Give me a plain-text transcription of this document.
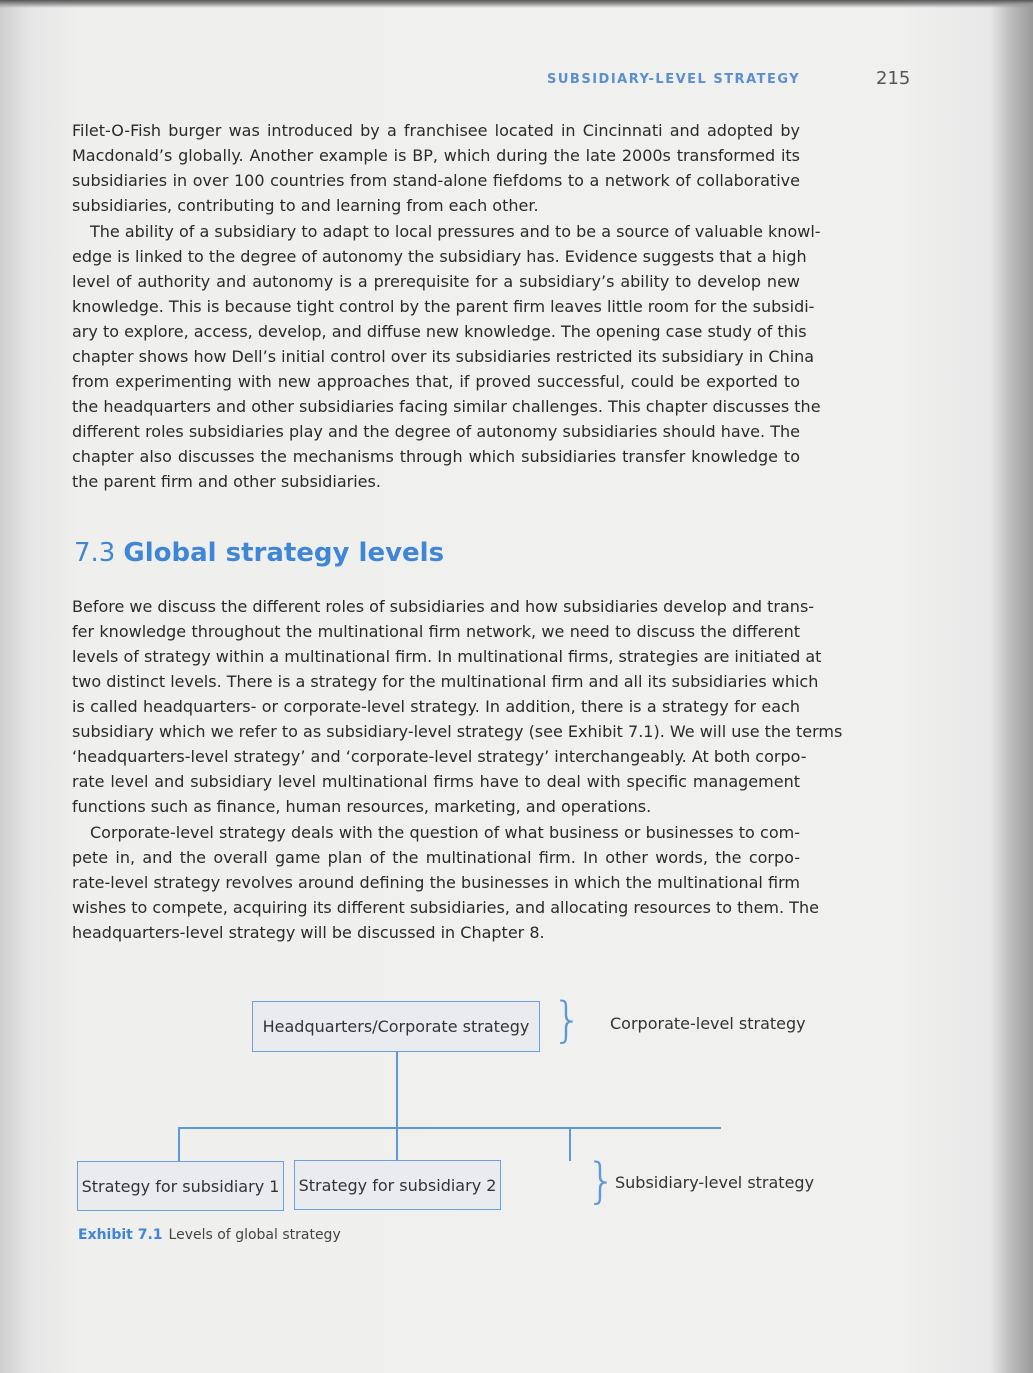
SUBSIDIARY-LEVEL STRATEGY	215
Filet-O-Fish burger was introduced by a franchisee located in Cincinnati and adopted by
Macdonald’s globally. Another example is BP, which during the late 2000s transformed its
subsidiaries in over 100 countries from stand-alone fiefdoms to a network of collaborative
subsidiaries, contributing to and learning from each other.
The ability of a subsidiary to adapt to local pressures and to be a source of valuable knowl-
edge is linked to the degree of autonomy the subsidiary has. Evidence suggests that a high
level of authority and autonomy is a prerequisite for a subsidiary’s ability to develop new
knowledge. This is because tight control by the parent firm leaves little room for the subsidi-
ary to explore, access, develop, and diffuse new knowledge. The opening case study of this
chapter shows how Dell’s initial control over its subsidiaries restricted its subsidiary in China
from experimenting with new approaches that, if proved successful, could be exported to
the headquarters and other subsidiaries facing similar challenges. This chapter discusses the
different roles subsidiaries play and the degree of autonomy subsidiaries should have. The
chapter also discusses the mechanisms through which subsidiaries transfer knowledge to
the parent firm and other subsidiaries.
7.3 Global strategy levels
Before we discuss the different roles of subsidiaries and how subsidiaries develop and trans-
fer knowledge throughout the multinational firm network, we need to discuss the different
levels of strategy within a multinational firm. In multinational firms, strategies are initiated at
two distinct levels. There is a strategy for the multinational firm and all its subsidiaries which
is called headquarters- or corporate-level strategy. In addition, there is a strategy for each
subsidiary which we refer to as subsidiary-level strategy (see Exhibit 7.1). We will use the terms
‘headquarters-level strategy’ and ‘corporate-level strategy’ interchangeably. At both corpo-
rate level and subsidiary level multinational firms have to deal with specific management
functions such as finance, human resources, marketing, and operations.
Corporate-level strategy deals with the question of what business or businesses to com-
pete in, and the overall game plan of the multinational firm. In other words, the corpo-
rate-level strategy revolves around defining the businesses in which the multinational firm
wishes to compete, acquiring its different subsidiaries, and allocating resources to them. The
headquarters-level strategy will be discussed in Chapter 8.
Headquarters/Corporate strategy } Corporate-level strategy
Strategy for subsidiary 1 Strategy for subsidiary 2 }
Subsidiary-level strategy
Exhibit 7.1 Levels of global strategy
